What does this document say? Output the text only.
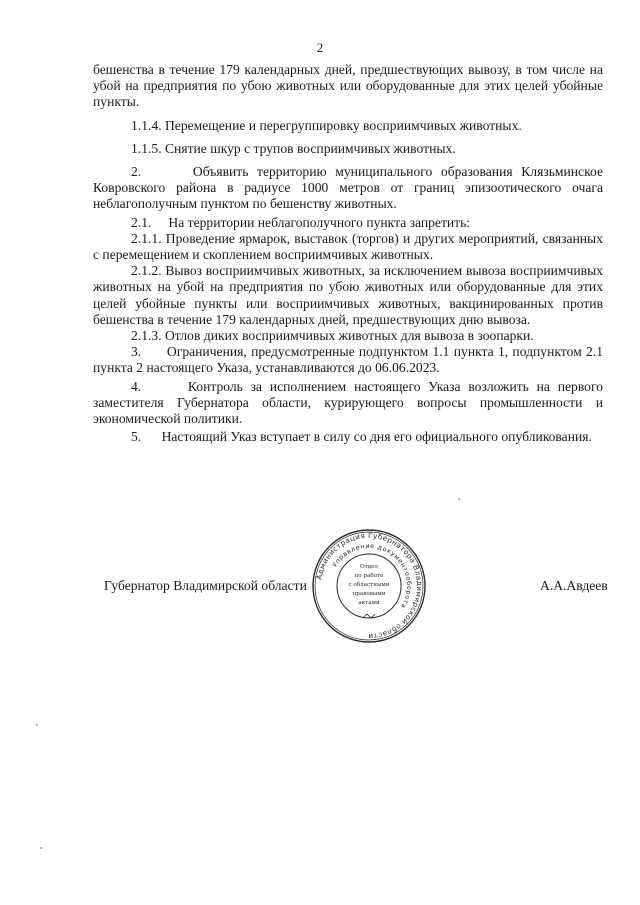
2

бешенства в течение 179 календарных дней, предшествующих вывозу, в том числе на убой на предприятия по убою животных или оборудованные для этих целей убойные пункты.

1.1.4. Перемещение и перегруппировку восприимчивых животных.

1.1.5. Снятие шкур с трупов восприимчивых животных.

2.      Объявить территорию муниципального образования Клязьминское Ковровского района в радиусе 1000 метров от границ эпизоотического очага неблагополучным пунктом по бешенству животных.

2.1.     На территории неблагополучного пункта запретить:

2.1.1. Проведение ярмарок, выставок (торгов) и других мероприятий, связанных с перемещением и скоплением восприимчивых животных.

2.1.2. Вывоз восприимчивых животных, за исключением вывоза восприимчивых животных на убой на предприятия по убою животных или оборудованные для этих целей убойные пункты или восприимчивых животных, вакцинированных против бешенства в течение 179 календарных дней, предшествующих дню вывоза.

2.1.3. Отлов диких восприимчивых животных для вывоза в зоопарки.

3.      Ограничения, предусмотренные подпунктом 1.1 пункта 1, подпунктом 2.1 пункта 2 настоящего Указа, устанавливаются до 06.06.2023.

4.      Контроль за исполнением настоящего Указа возложить на первого заместителя Губернатора области, курирующего вопросы промышленности и экономической политики.

5.      Настоящий Указ вступает в силу со дня его официального опубликования.

Губернатор Владимирской области	А.А.Авдеев
Администрация Губернатора Владимирской области
Управление документооборота
Отдел
по работе
с областными
правовыми
актами
